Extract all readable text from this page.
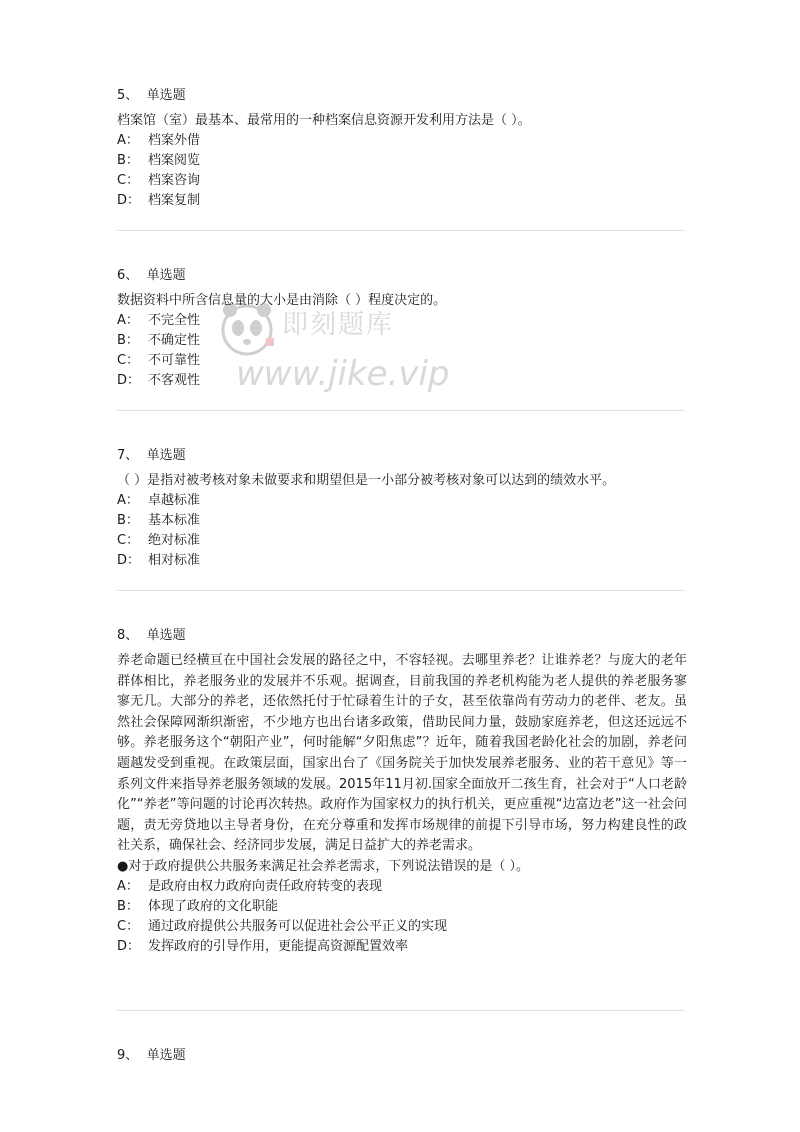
5、 单选题
档案馆（室）最基本、最常用的一种档案信息资源开发利用方法是（ ）。
A： 档案外借
B： 档案阅览
C： 档案咨询
D： 档案复制
6、 单选题
数据资料中所含信息量的大小是由消除（ ）程度决定的。
A： 不完全性
B： 不确定性
C： 不可靠性
D： 不客观性
7、 单选题
（ ）是指对被考核对象未做要求和期望但是一小部分被考核对象可以达到的绩效水平。
A： 卓越标准
B： 基本标准
C： 绝对标准
D： 相对标准
8、 单选题
养老命题已经横亘在中国社会发展的路径之中，不容轻视。去哪里养老？让谁养老？与庞大的老年群体相比，养老服务业的发展并不乐观。据调查，目前我国的养老机构能为老人提供的养老服务寥寥无几。大部分的养老，还依然托付于忙碌着生计的子女，甚至依靠尚有劳动力的老伴、老友。虽然社会保障网渐织渐密，不少地方也出台诸多政策，借助民间力量，鼓励家庭养老，但这还远远不够。养老服务这个“朝阳产业”，何时能解“夕阳焦虑”？近年，随着我国老龄化社会的加剧，养老问题越发受到重视。在政策层面，国家出台了《国务院关于加快发展养老服务、业的若干意见》等一系列文件来指导养老服务领域的发展。2015年11月初.国家全面放开二孩生育，社会对于“人口老龄化”“养老”等问题的讨论再次转热。政府作为国家权力的执行机关，更应重视“边富边老”这一社会问题，责无旁贷地以主导者身份，在充分尊重和发挥市场规律的前提下引导市场，努力构建良性的政社关系，确保社会、经济同步发展，满足日益扩大的养老需求。
●对于政府提供公共服务来满足社会养老需求，下列说法错误的是（ ）。
A： 是政府由权力政府向责任政府转变的表现
B： 体现了政府的文化职能
C： 通过政府提供公共服务可以促进社会公平正义的实现
D： 发挥政府的引导作用，更能提高资源配置效率
9、 单选题
即刻题库
www.jike.vip
